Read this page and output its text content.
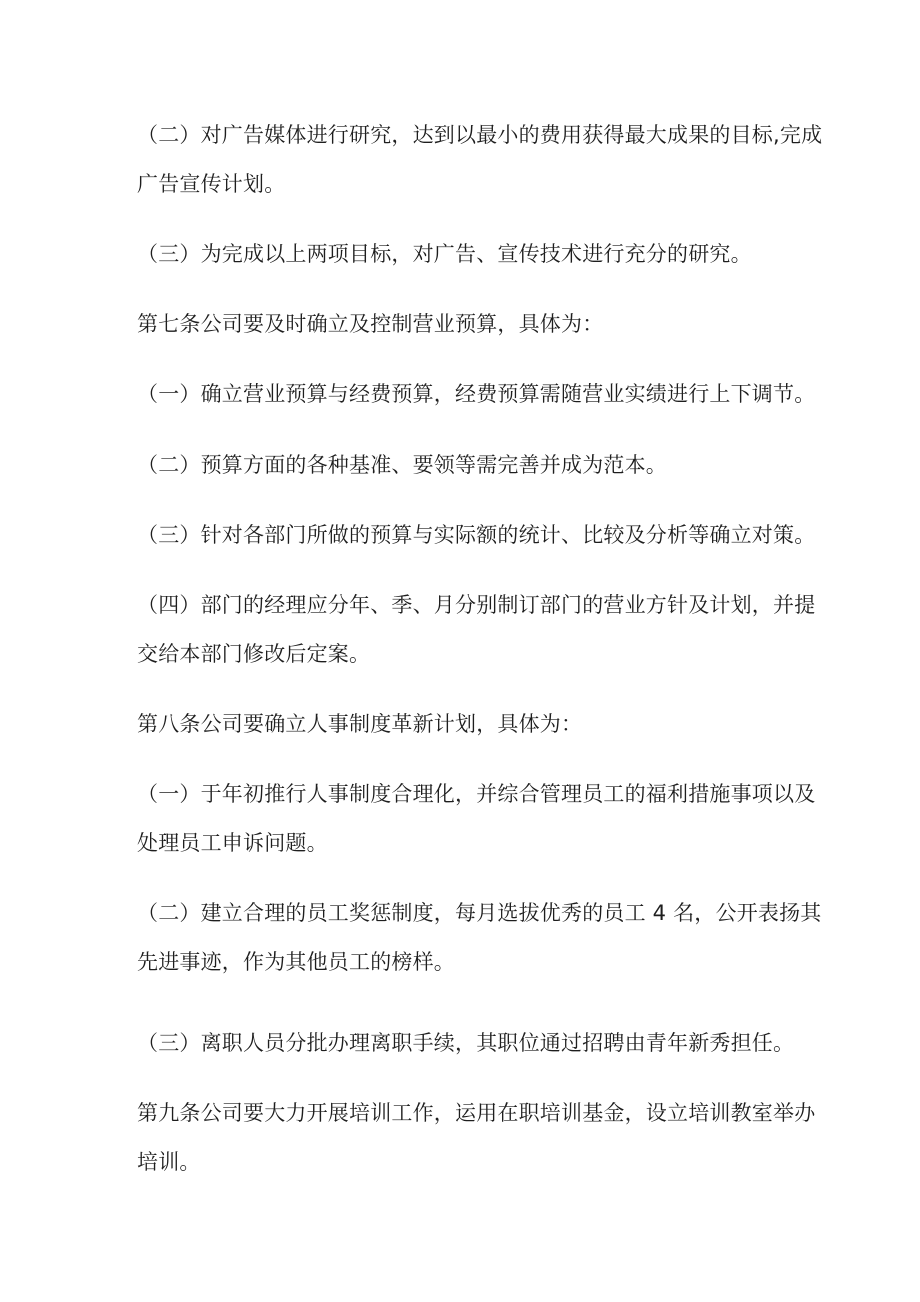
（二）对广告媒体进行研究，达到以最小的费用获得最大成果的目标,完成
广告宣传计划。
（三）为完成以上两项目标，对广告、宣传技术进行充分的研究。
第七条公司要及时确立及控制营业预算，具体为：
（一）确立营业预算与经费预算，经费预算需随营业实绩进行上下调节。
（二）预算方面的各种基准、要领等需完善并成为范本。
（三）针对各部门所做的预算与实际额的统计、比较及分析等确立对策。
（四）部门的经理应分年、季、月分别制订部门的营业方针及计划，并提
交给本部门修改后定案。
第八条公司要确立人事制度革新计划，具体为：
（一）于年初推行人事制度合理化，并综合管理员工的福利措施事项以及
处理员工申诉问题。
（二）建立合理的员工奖惩制度，每月选拔优秀的员工 4 名，公开表扬其
先进事迹，作为其他员工的榜样。
（三）离职人员分批办理离职手续，其职位通过招聘由青年新秀担任。
第九条公司要大力开展培训工作，运用在职培训基金，设立培训教室举办
培训。
